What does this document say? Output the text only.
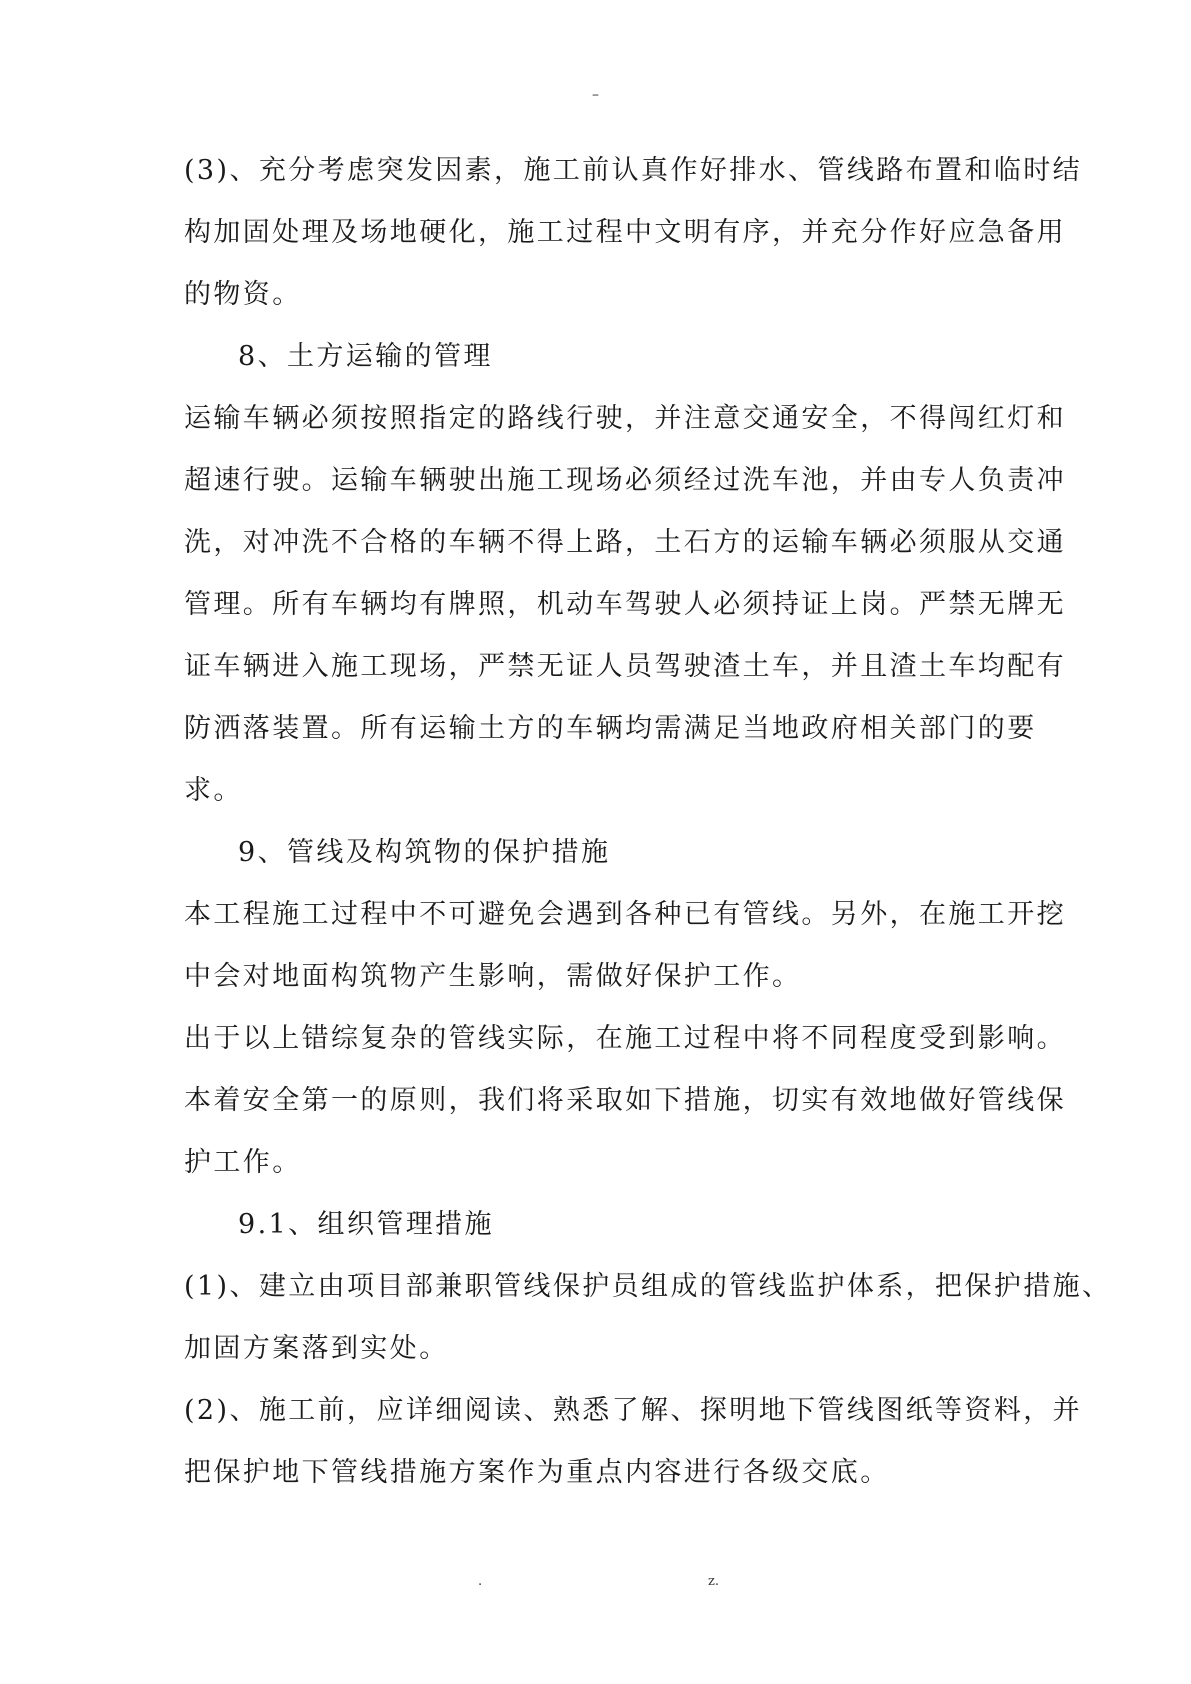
–
(3)、充分考虑突发因素，施工前认真作好排水、管线路布置和临时结
构加固处理及场地硬化，施工过程中文明有序，并充分作好应急备用
的物资。
8、土方运输的管理
运输车辆必须按照指定的路线行驶，并注意交通安全，不得闯红灯和
超速行驶。运输车辆驶出施工现场必须经过洗车池，并由专人负责冲
洗，对冲洗不合格的车辆不得上路，土石方的运输车辆必须服从交通
管理。所有车辆均有牌照，机动车驾驶人必须持证上岗。严禁无牌无
证车辆进入施工现场，严禁无证人员驾驶渣土车，并且渣土车均配有
防洒落装置。所有运输土方的车辆均需满足当地政府相关部门的要
求。
9、管线及构筑物的保护措施
本工程施工过程中不可避免会遇到各种已有管线。另外，在施工开挖
中会对地面构筑物产生影响，需做好保护工作。
出于以上错综复杂的管线实际，在施工过程中将不同程度受到影响。
本着安全第一的原则，我们将采取如下措施，切实有效地做好管线保
护工作。
9.1、组织管理措施
(1)、建立由项目部兼职管线保护员组成的管线监护体系，把保护措施、
加固方案落到实处。
(2)、施工前，应详细阅读、熟悉了解、探明地下管线图纸等资料，并
把保护地下管线措施方案作为重点内容进行各级交底。
.	z.
